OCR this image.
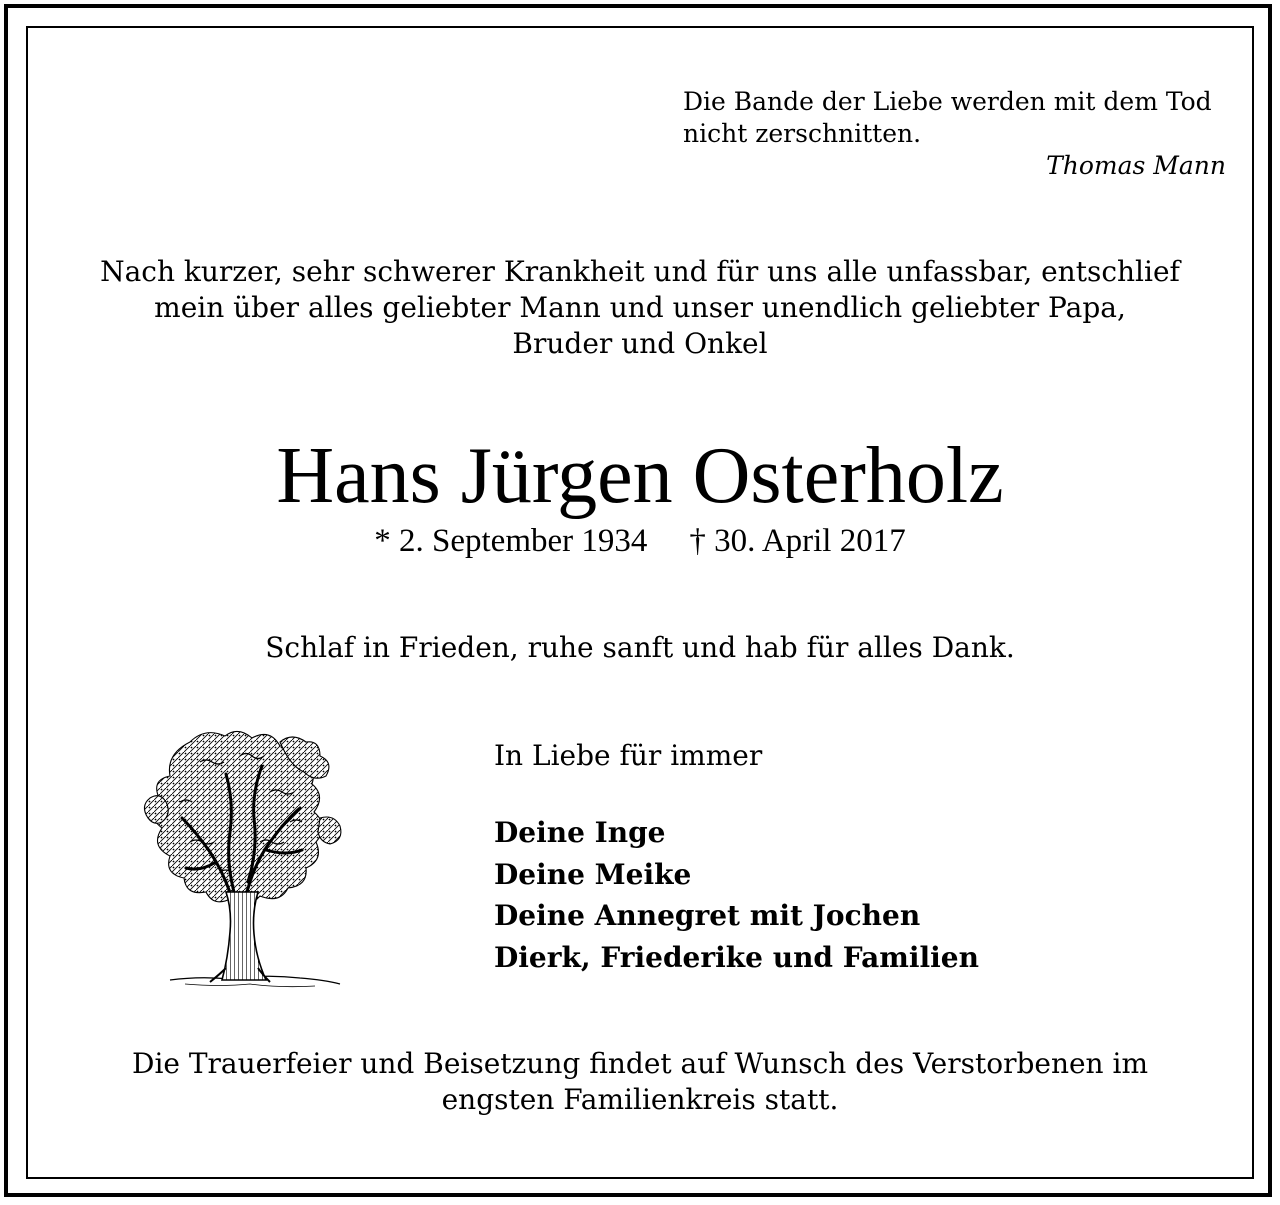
Die Bande der Liebe werden mit dem Tod
nicht zerschnitten.
Thomas Mann
Nach kurzer, sehr schwerer Krankheit und für uns alle unfassbar, entschlief
mein über alles geliebter Mann und unser unendlich geliebter Papa,
Bruder und Onkel
Hans Jürgen Osterholz
* 2. September 1934 † 30. April 2017
Schlaf in Frieden, ruhe sanft und hab für alles Dank.
In Liebe für immer
Deine Inge
Deine Meike
Deine Annegret mit Jochen
Dierk, Friederike und Familien
Die Trauerfeier und Beisetzung findet auf Wunsch des Verstorbenen im
engsten Familienkreis statt.
